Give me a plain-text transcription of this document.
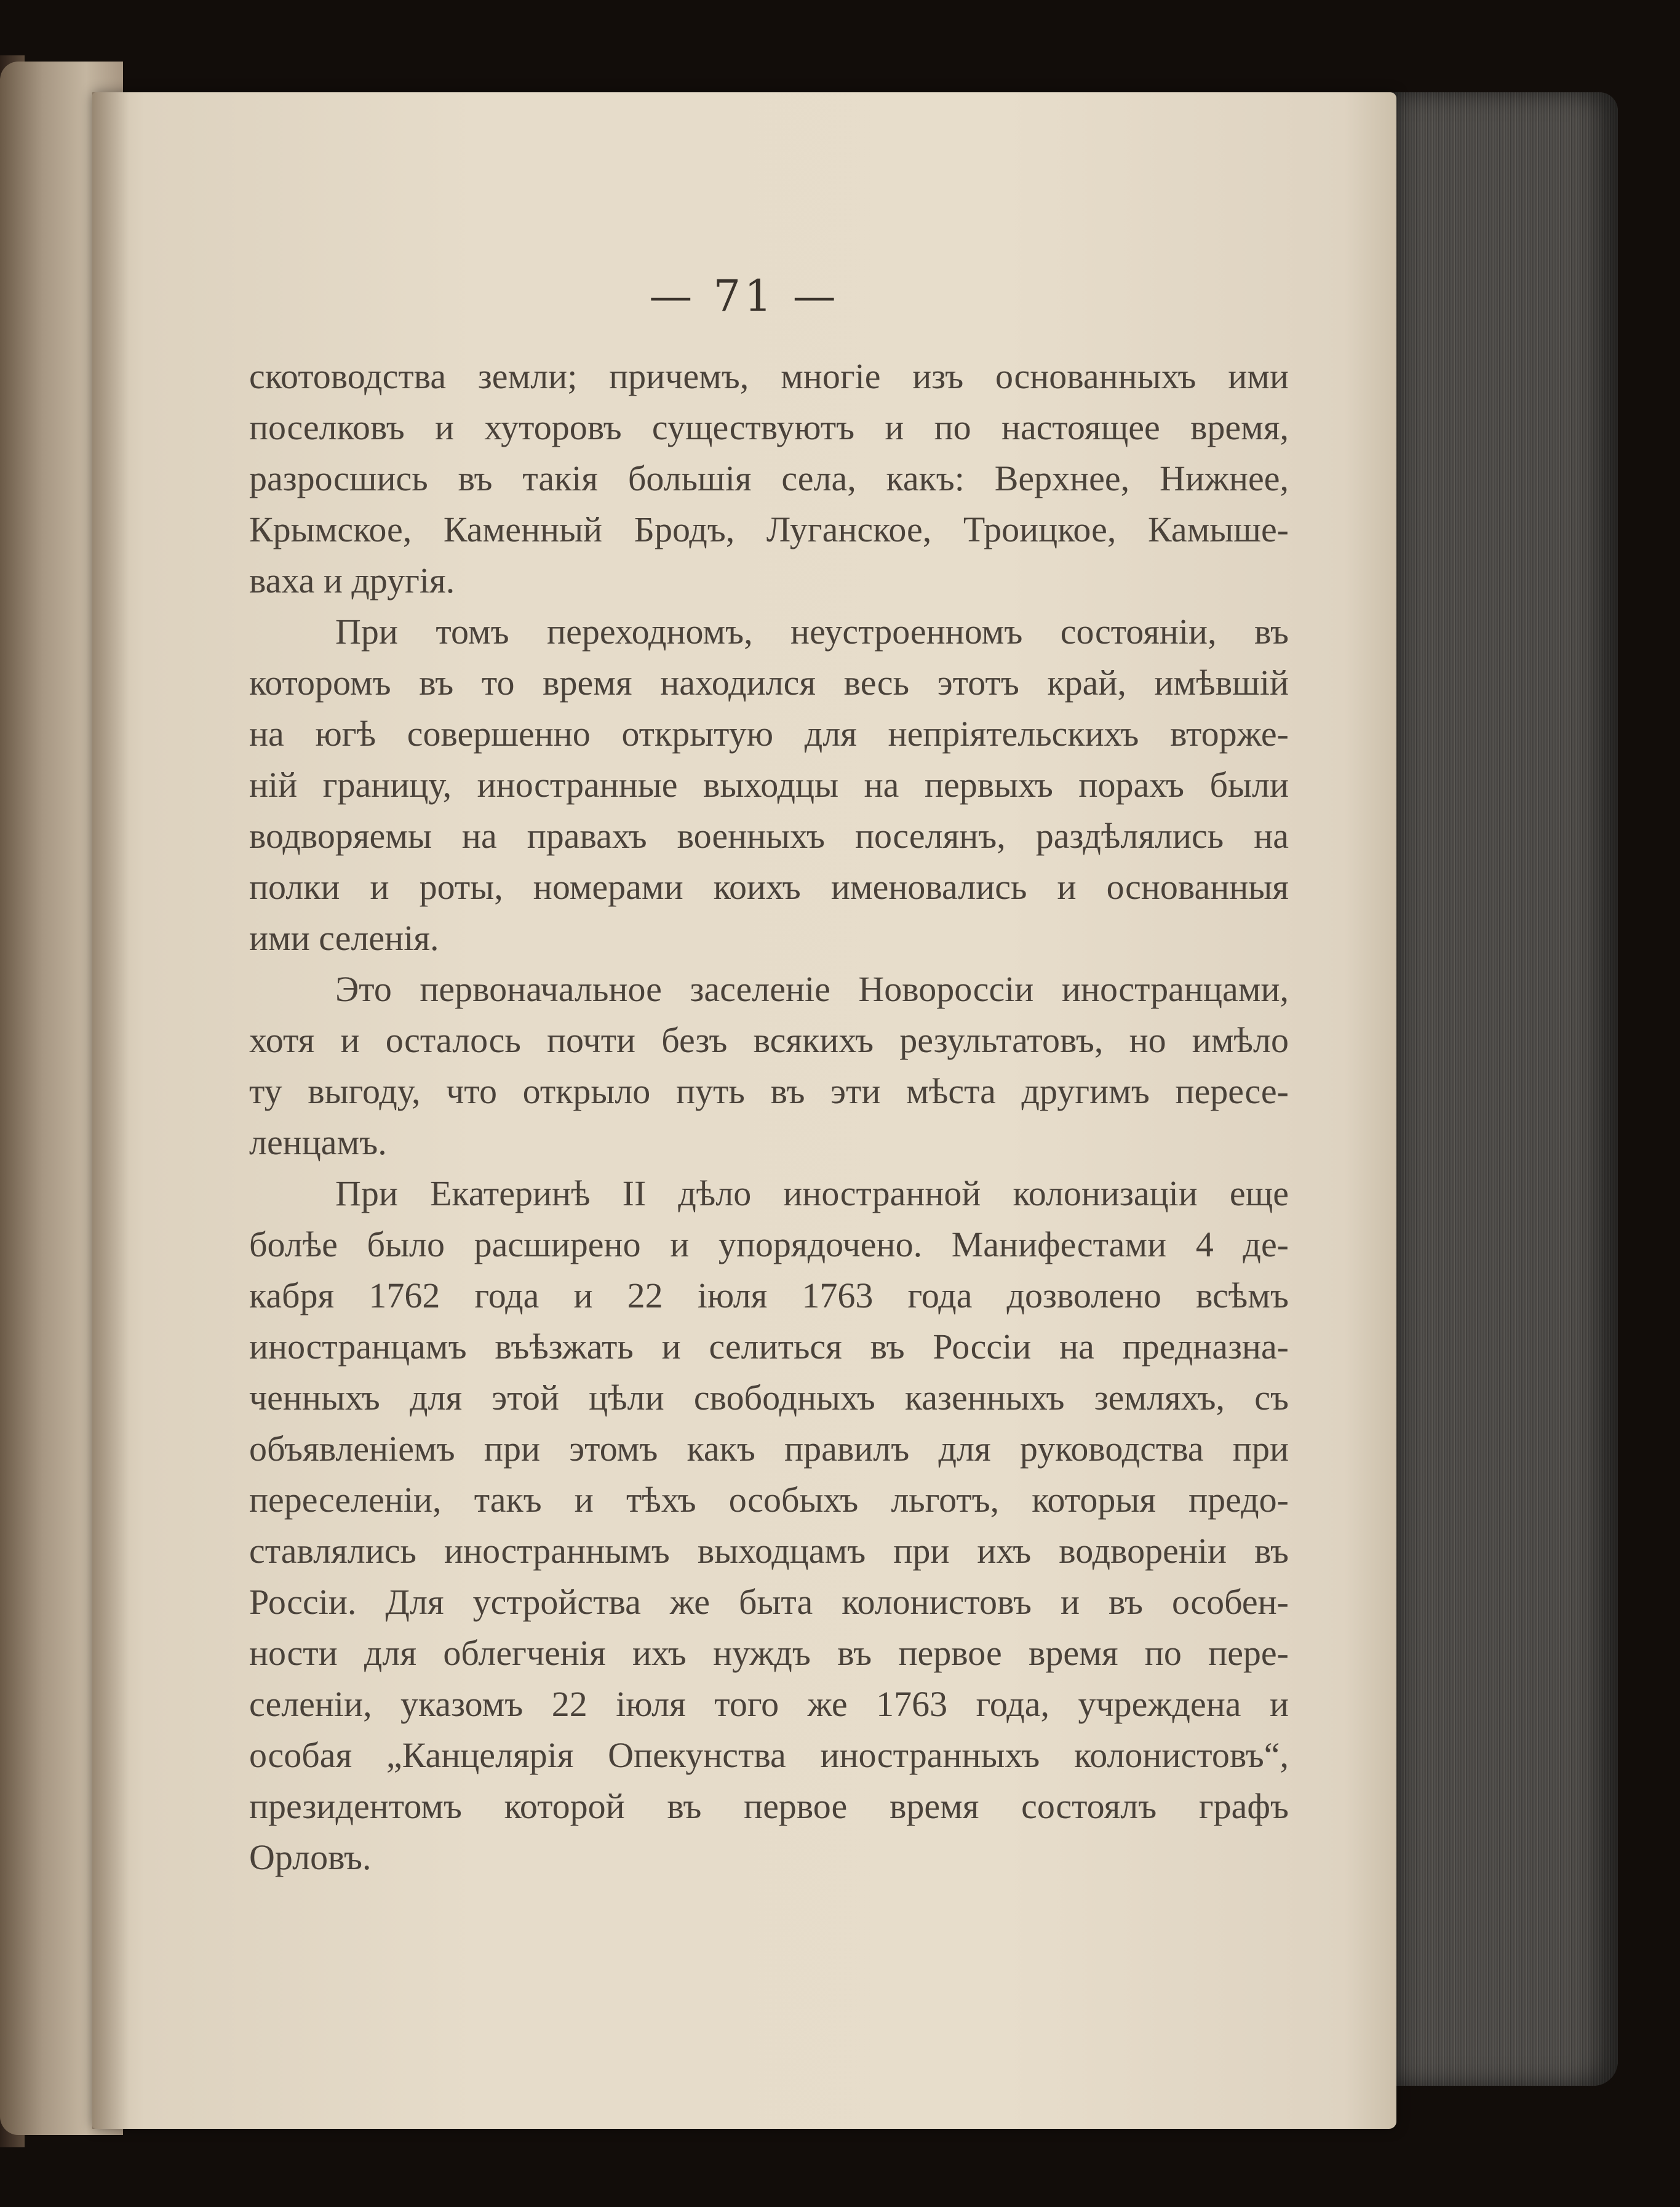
— 71 —
скотоводства земли; причемъ, многіе изъ основанныхъ ими
поселковъ и хуторовъ существуютъ и по настоящее время,
разросшись въ такія большія села, какъ: Верхнее, Нижнее,
Крымское, Каменный Бродъ, Луганское, Троицкое, Камыше-
ваха и другія.
При томъ переходномъ, неустроенномъ состояніи, въ
которомъ въ то время находился весь этотъ край, имѣвшій
на югѣ совершенно открытую для непріятельскихъ вторже-
ній границу, иностранные выходцы на первыхъ порахъ были
водворяемы на правахъ военныхъ поселянъ, раздѣлялись на
полки и роты, номерами коихъ именовались и основанныя
ими селенія.
Это первоначальное заселеніе Новороссіи иностранцами,
хотя и осталось почти безъ всякихъ результатовъ, но имѣло
ту выгоду, что открыло путь въ эти мѣста другимъ пересе-
ленцамъ.
При Екатеринѣ II дѣло иностранной колонизаціи еще
болѣе было расширено и упорядочено. Манифестами 4 де-
кабря 1762 года и 22 іюля 1763 года дозволено всѣмъ
иностранцамъ въѣзжать и селиться въ Россіи на предназна-
ченныхъ для этой цѣли свободныхъ казенныхъ земляхъ, съ
объявленіемъ при этомъ какъ правилъ для руководства при
переселеніи, такъ и тѣхъ особыхъ льготъ, которыя предо-
ставлялись иностраннымъ выходцамъ при ихъ водвореніи въ
Россіи. Для устройства же быта колонистовъ и въ особен-
ности для облегченія ихъ нуждъ въ первое время по пере-
селеніи, указомъ 22 іюля того же 1763 года, учреждена и
особая „Канцелярія Опекунства иностранныхъ колонистовъ“,
президентомъ которой въ первое время состоялъ графъ
Орловъ.
